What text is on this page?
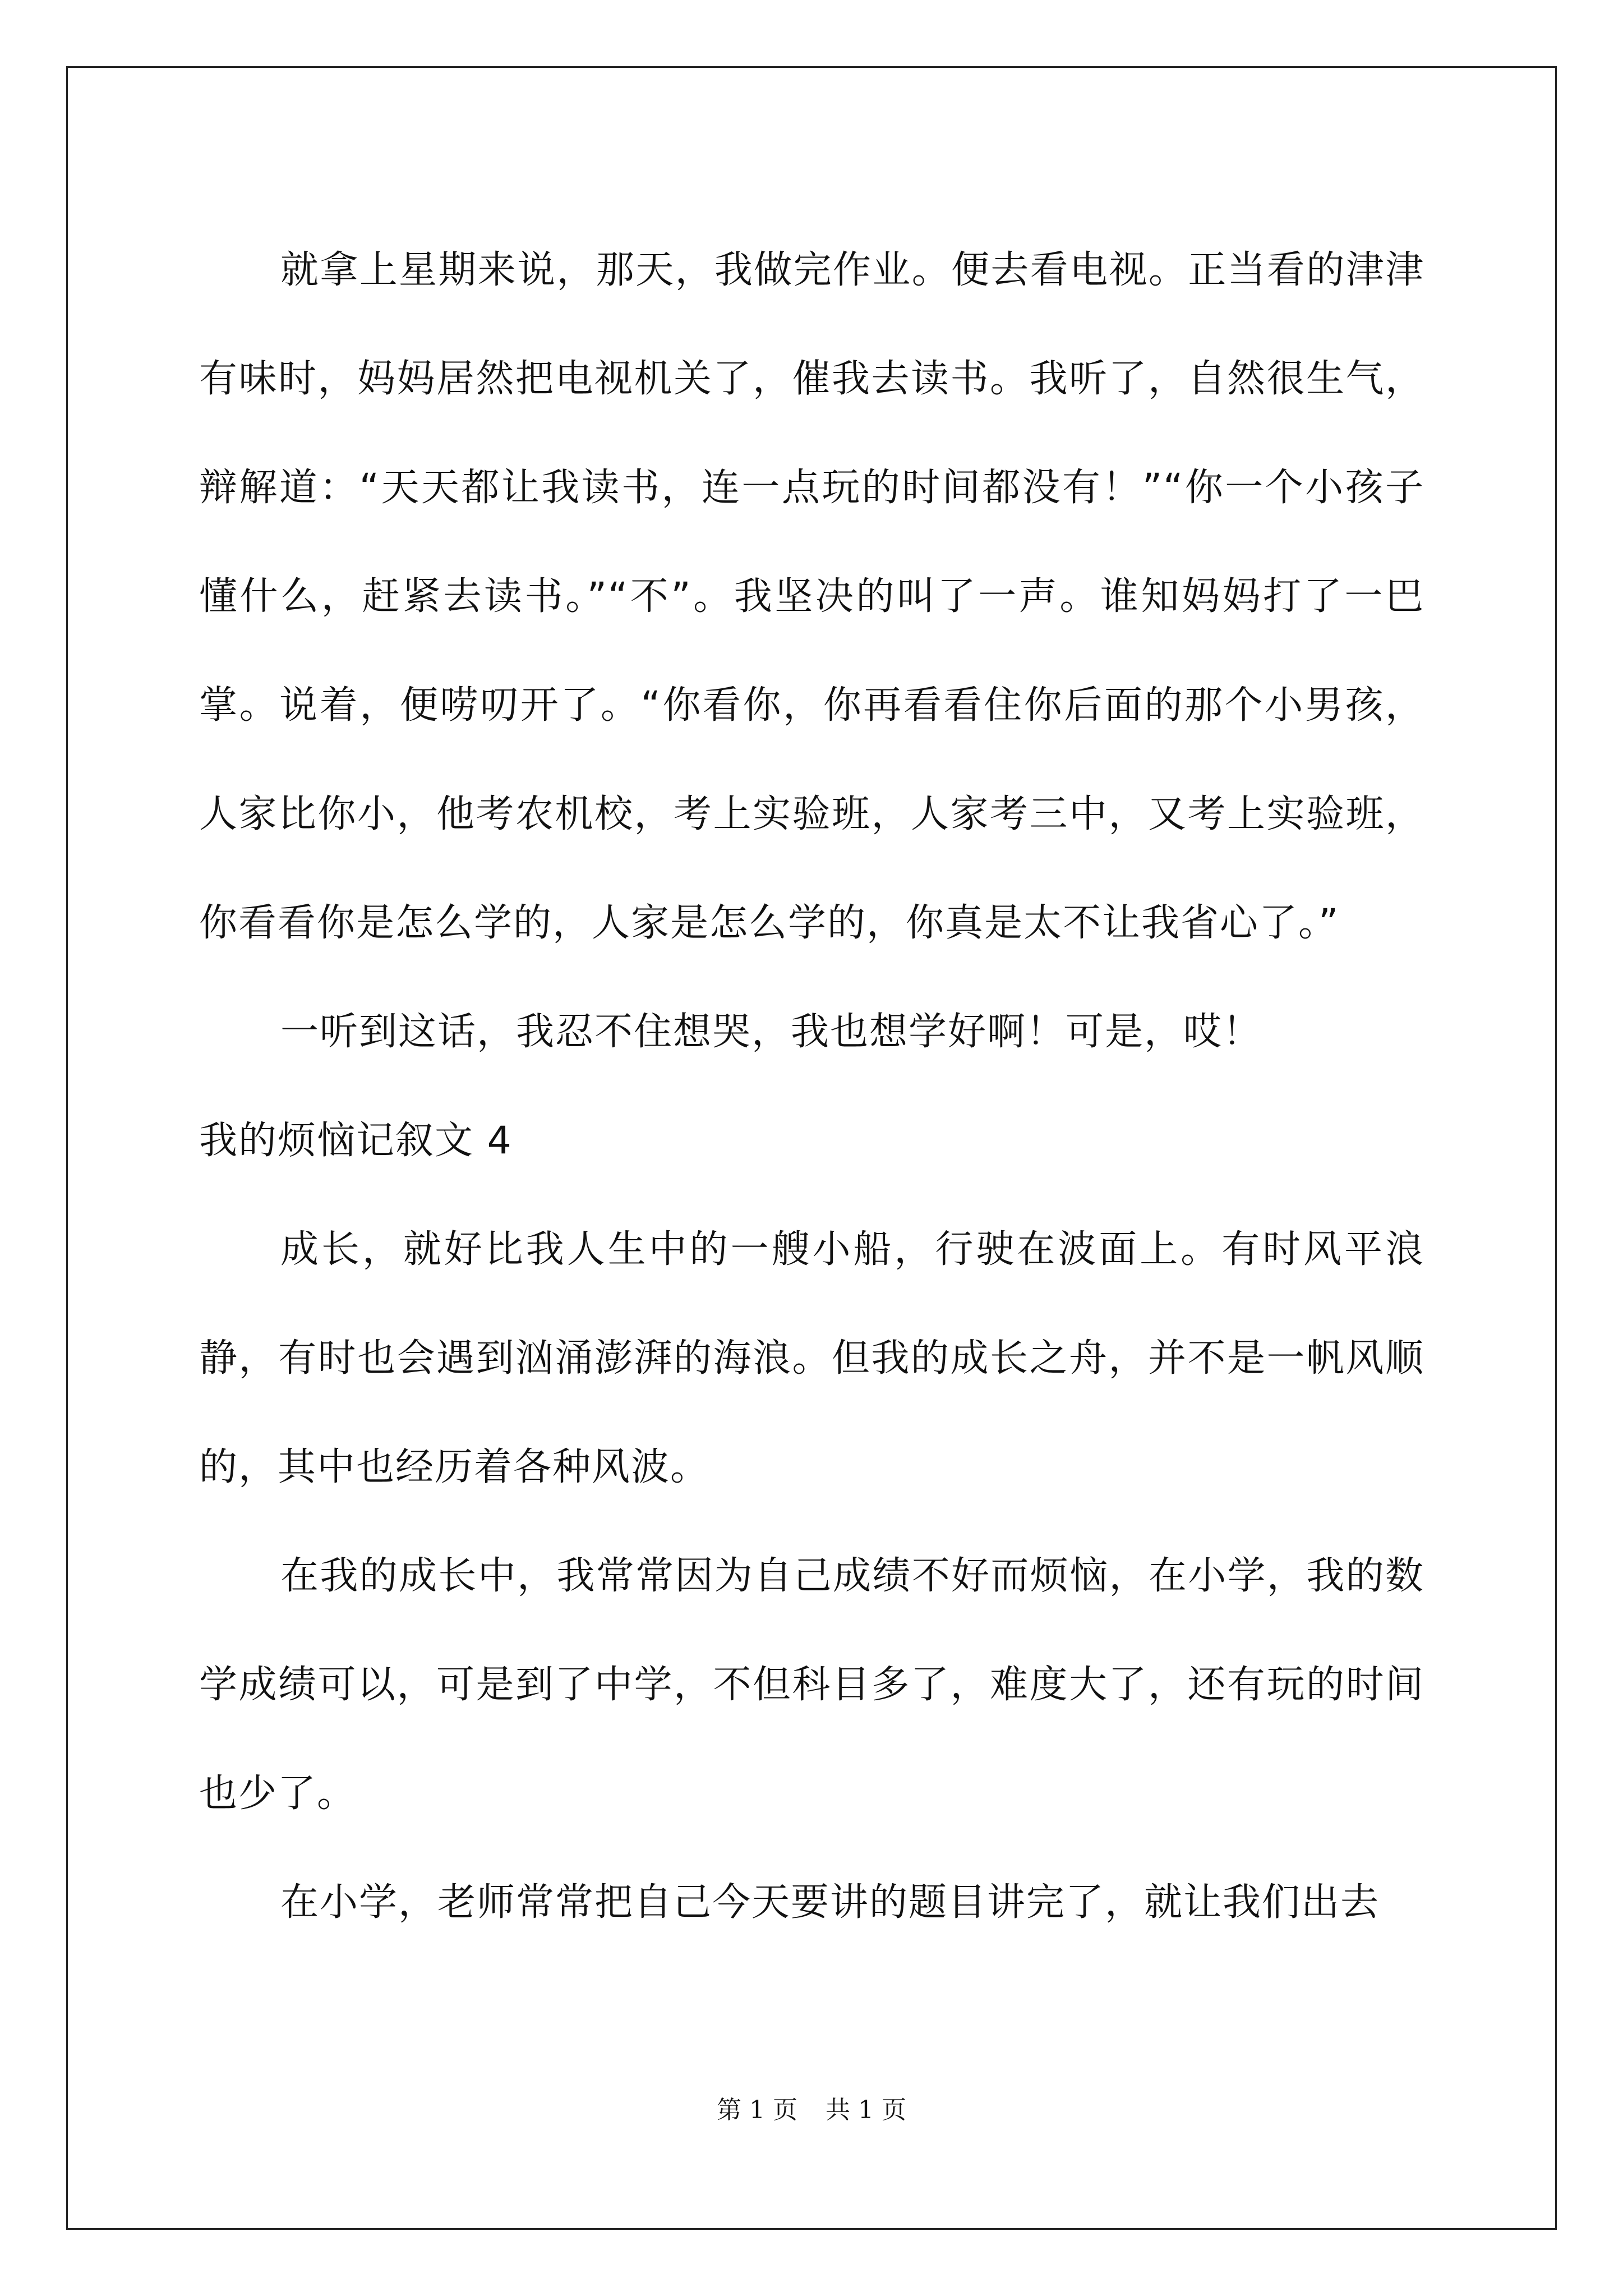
就拿上星期来说，那天，我做完作业。便去看电视。正当看的津津有味时，妈妈居然把电视机关了，催我去读书。我听了，自然很生气，辩解道：“天天都让我读书，连一点玩的时间都没有！”“你一个小孩子懂什么，赶紧去读书。”“不”。我坚决的叫了一声。谁知妈妈打了一巴掌。说着，便唠叨开了。“你看你，你再看看住你后面的那个小男孩，人家比你小，他考农机校，考上实验班，人家考三中，又考上实验班，你看看你是怎么学的，人家是怎么学的，你真是太不让我省心了。”

一听到这话，我忍不住想哭，我也想学好啊！可是，哎！

我的烦恼记叙文 4

成长，就好比我人生中的一艘小船，行驶在波面上。有时风平浪静，有时也会遇到汹涌澎湃的海浪。但我的成长之舟，并不是一帆风顺的，其中也经历着各种风波。

在我的成长中，我常常因为自己成绩不好而烦恼，在小学，我的数学成绩可以，可是到了中学，不但科目多了，难度大了，还有玩的时间也少了。

在小学，老师常常把自己今天要讲的题目讲完了，就让我们出去

第 1 页 共 1 页
